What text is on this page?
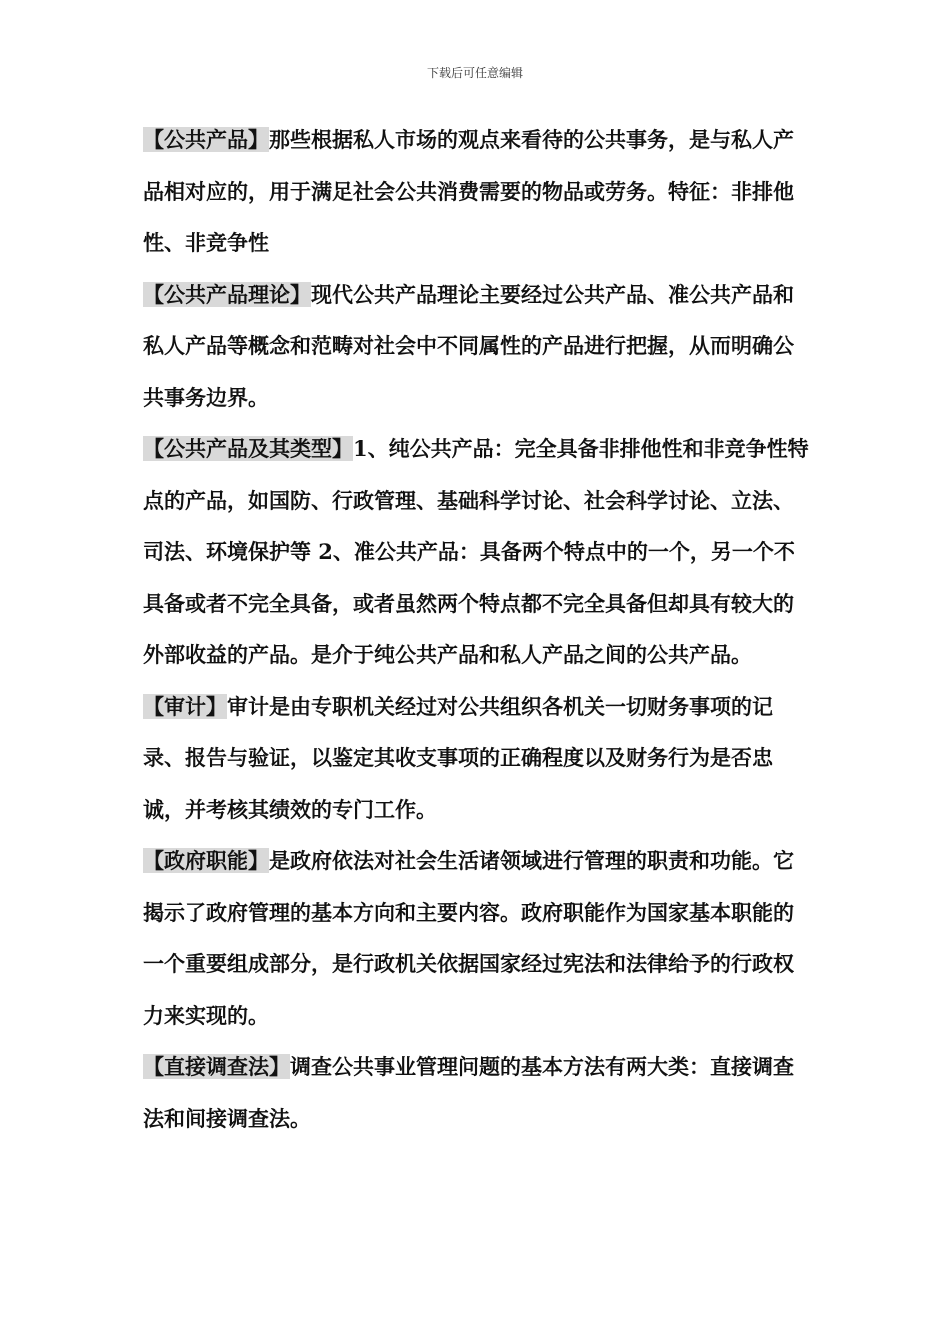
下载后可任意编辑

【公共产品】那些根据私人市场的观点来看待的公共事务，是与私人产品相对应的，用于满足社会公共消费需要的物品或劳务。特征：非排他性、非竞争性

【公共产品理论】现代公共产品理论主要经过公共产品、准公共产品和私人产品等概念和范畴对社会中不同属性的产品进行把握，从而明确公共事务边界。

【公共产品及其类型】1、纯公共产品：完全具备非排他性和非竞争性特点的产品，如国防、行政管理、基础科学讨论、社会科学讨论、立法、司法、环境保护等 2、准公共产品：具备两个特点中的一个，另一个不具备或者不完全具备，或者虽然两个特点都不完全具备但却具有较大的外部收益的产品。是介于纯公共产品和私人产品之间的公共产品。

【审计】审计是由专职机关经过对公共组织各机关一切财务事项的记录、报告与验证，以鉴定其收支事项的正确程度以及财务行为是否忠诚，并考核其绩效的专门工作。

【政府职能】是政府依法对社会生活诸领域进行管理的职责和功能。它揭示了政府管理的基本方向和主要内容。政府职能作为国家基本职能的一个重要组成部分，是行政机关依据国家经过宪法和法律给予的行政权力来实现的。

【直接调查法】调查公共事业管理问题的基本方法有两大类：直接调查法和间接调查法。
